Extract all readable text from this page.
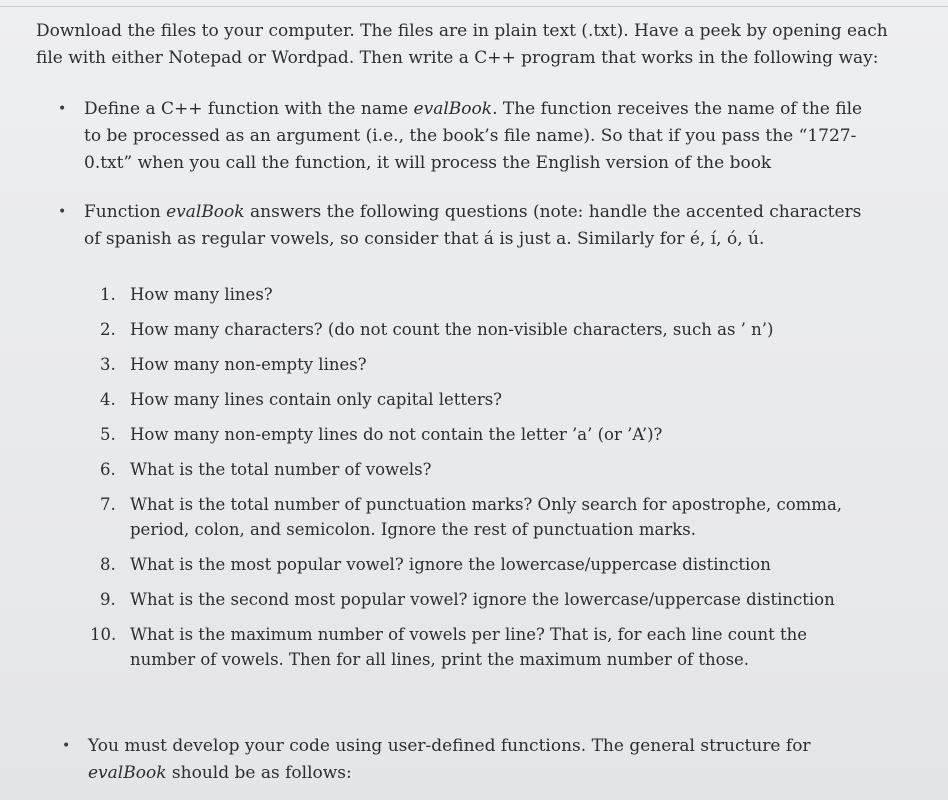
Download the files to your computer. The files are in plain text (.txt). Have a peek by opening each file with either Notepad or Wordpad. Then write a C++ program that works in the following way:

• Define a C++ function with the name evalBook. The function receives the name of the file to be processed as an argument (i.e., the book’s file name). So that if you pass the “1727-0.txt” when you call the function, it will process the English version of the book
• Function evalBook answers the following questions (note: handle the accented characters of spanish as regular vowels, so consider that á is just a. Similarly for é, í, ó, ú.
1. How many lines?
2. How many characters? (do not count the non-visible characters, such as ’ n’)
3. How many non-empty lines?
4. How many lines contain only capital letters?
5. How many non-empty lines do not contain the letter ’a’ (or ’A’)?
6. What is the total number of vowels?
7. What is the total number of punctuation marks? Only search for apostrophe, comma, period, colon, and semicolon. Ignore the rest of punctuation marks.
8. What is the most popular vowel? ignore the lowercase/uppercase distinction
9. What is the second most popular vowel? ignore the lowercase/uppercase distinction
10. What is the maximum number of vowels per line? That is, for each line count the number of vowels. Then for all lines, print the maximum number of those.
• You must develop your code using user-defined functions. The general structure for evalBook should be as follows:
